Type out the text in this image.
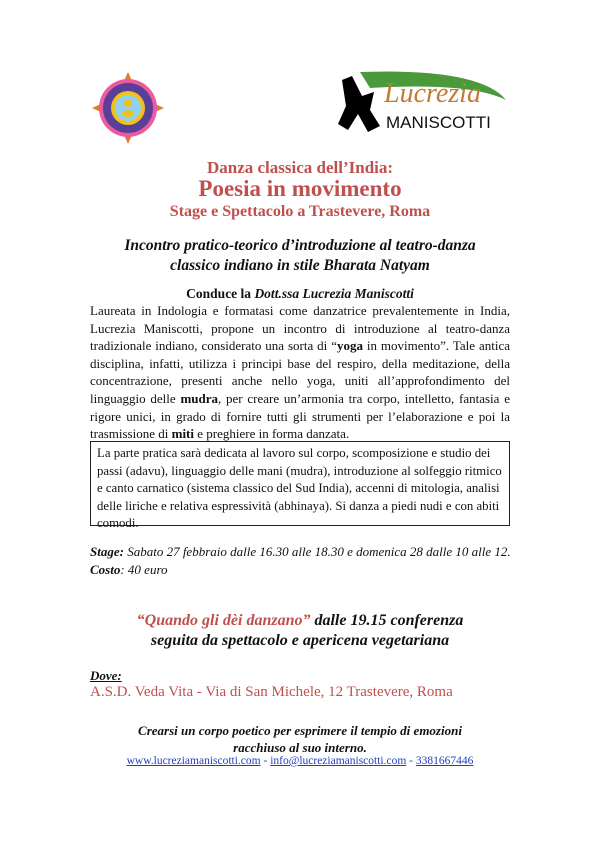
Lucrezia
MANISCOTTI
Danza classica dell’India:
Poesia in movimento
Stage e Spettacolo a Trastevere, Roma
Incontro pratico-teorico d’introduzione al teatro-danza
classico indiano in stile Bharata Natyam
Conduce la Dott.ssa Lucrezia Maniscotti
Laureata in Indologia e formatasi come danzatrice prevalentemente in India, Lucrezia Maniscotti, propone un incontro di introduzione al teatro-danza tradizionale indiano, considerato una sorta di “yoga in movimento”. Tale antica disciplina, infatti, utilizza i principi base del respiro, della meditazione, della concentrazione, presenti anche nello yoga, uniti all’approfondimento del linguaggio delle mudra, per creare un’armonia tra corpo, intelletto, fantasia e rigore unici, in grado di fornire tutti gli strumenti per l’elaborazione e poi la trasmissione di miti e preghiere in forma danzata.
La parte pratica sarà dedicata al lavoro sul corpo, scomposizione e studio dei passi (adavu), linguaggio delle mani (mudra), introduzione al solfeggio ritmico e canto carnatico (sistema classico del Sud India), accenni di mitologia, analisi delle liriche e relativa espressività (abhinaya). Si danza a piedi nudi e con abiti comodi.
Stage: Sabato 27 febbraio dalle 16.30 alle 18.30 e domenica 28 dalle 10 alle 12.
Costo: 40 euro
“Quando gli dèi danzano” dalle 19.15 conferenza
seguita da spettacolo e apericena vegetariana
Dove:
A.S.D. Veda Vita - Via di San Michele, 12 Trastevere, Roma
Crearsi un corpo poetico per esprimere il tempio di emozioni
racchiuso al suo interno.
www.lucreziamaniscotti.com - info@lucreziamaniscotti.com - 3381667446
